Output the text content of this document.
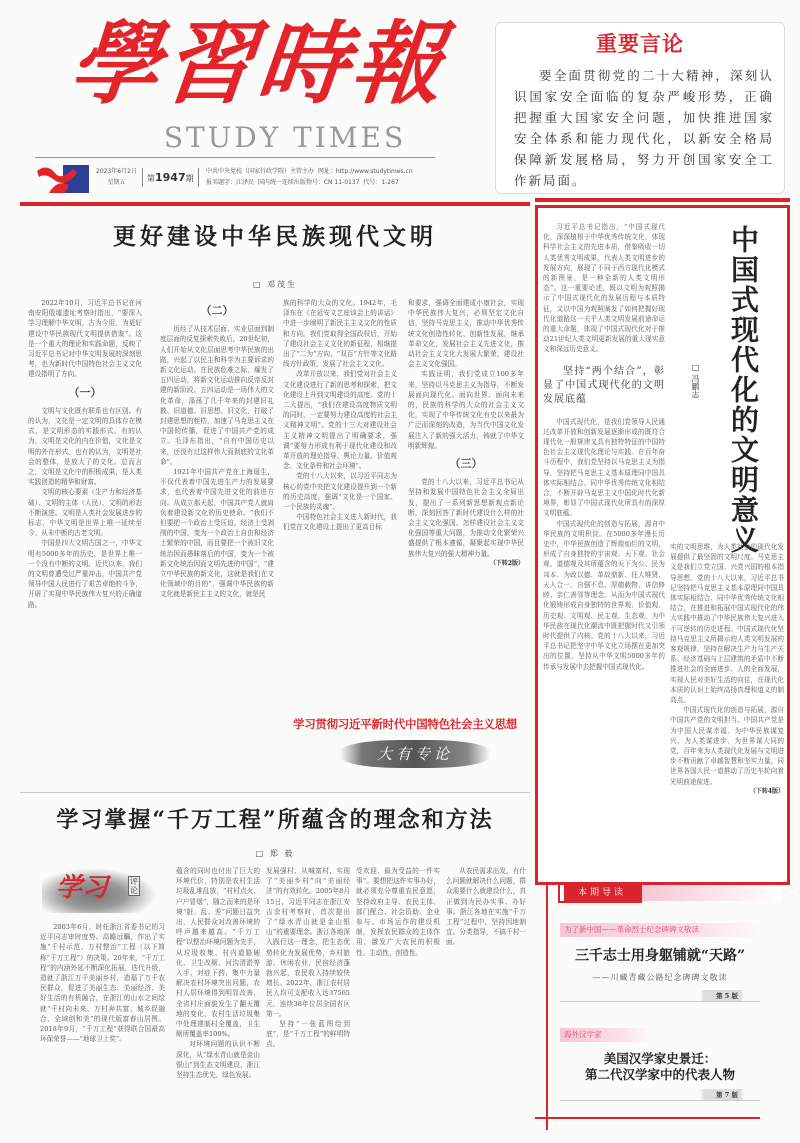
學習時報
STUDY TIMES
2023年6月2日
星期五	第1947期
中共中央党校（国家行政学院）主管主办 网址：http://www.studytimes.cn
报名题字：江泽民 国内统一连续出版物号：CN 11-0137 代号：1-267
重要言论
要全面贯彻党的二十大精神，深刻认识国家安全面临的复杂严峻形势，正确把握重大国家安全问题，加快推进国家安全体系和能力现代化，以新安全格局保障新发展格局，努力开创国家安全工作新局面。
更好建设中华民族现代文明
□ 邓茂生

2022年10月，习近平总书记在河南安阳殷墟遗址考察时指出，“要深入学习理解中华文明，古为今用，为更好建设中华民族现代文明提供借鉴”。这是一个重大的理论和实践命题，反映了习近平总书记对中华文明发展的深刻思考，也为新时代中国特色社会主义文化建设指明了方向。

（一）

文明与文化既有联系也有区别。有的认为，文化是一定文明的具体存在模式，是文明形态的实践形式。有的认为，文明是文化的内在价值，文化是文明的外在形式。也有的认为，文明是社会的整体，是放大了的文化。总而言之，文明是文化中的积极成果，是人类实践创造的精华和财富。

文明的核心要素（生产力和经济基础）、文明的主体（人民）、文明的形态不断演进。文明是人类社会发展进步的标志，中华文明是世界上唯一延续至今、从未中断的古老文明。

中国是四大文明古国之一，中华文明有5000多年的历史，是世界上唯一一个没有中断的文明。近代以来，我们的文明曾遭受过严重冲击，中国共产党领导中国人民进行了艰苦卓绝的斗争，开辟了实现中华民族伟大复兴的正确道路。

（二）

历经了从技术层面、实业层面到制度层面的反复探索失败后，20世纪初，人们开始从文化层面思考中华民族的出路，兴起了以民主和科学为主要诉求的新文化运动。在民族危难之际，爆发了五四运动，将新文化运动推向反帝反封建的新阶段。五四运动是一场伟大的文化革命，涤荡了几千年来的封建旧礼教、旧道德、旧思想、旧文化，打破了封建思想的桎梏，加速了马克思主义在中国的传播，促进了中国共产党的成立。毛泽东指出，“自有中国历史以来，还没有过这样伟大而彻底的文化革命”。

1921年中国共产党在上海诞生，不仅代表着中国先进生产力的发展要求，也代表着中国先进文化的前进方向。从成立那天起，中国共产党人就肩负着建设新文化的历史使命。“我们不但要把一个政治上受压迫、经济上受剥削的中国，变为一个政治上自由和经济上繁荣的中国，而且要把一个被旧文化统治因而愚昧落后的中国，变为一个被新文化统治因而文明先进的中国”，“建立中华民族的新文化，这就是我们在文化领域中的目的”，强调中华民族的新文化就是新民主主义的文化，就是民

族的科学的大众的文化。1942年，毛泽东在《在延安文艺座谈会上的讲话》中进一步阐明了新民主主义文化的性质和方向。我们党取得全国政权后，开始了建设社会主义文化的新征程，相继提出了“二为”方向、“双百”方针等文化路线方针政策，发展了社会主义文化。

改革开放以来，我们党对社会主义文化建设进行了新的思考和探索，把文化建设上升到文明建设的高度。党的十二大提出，“我们在建设高度物质文明的同时，一定要努力建设高度的社会主义精神文明”。党的十三大对建设社会主义精神文明提出了明确要求，强调“要努力形成有利于现代化建设和改革开放的理论指导、舆论力量、价值观念、文化条件和社会环境”。

党的十八大以来，以习近平同志为核心的党中央把文化建设提升到一个新的历史高度，强调“文化是一个国家、一个民族的灵魂”。

中国特色社会主义进入新时代，我们党在文化建设上提出了更高目标

和要求，强调全面建成小康社会，实现中华民族伟大复兴，必须坚定文化自信，坚持马克思主义，推动中华优秀传统文化创造性转化、创新性发展，继承革命文化，发展社会主义先进文化，推动社会主义文化大发展大繁荣，建设社会主义文化强国。

实践证明，我们党成立100多年来，坚持以马克思主义为指导，不断发展面向现代化、面向世界、面向未来的，民族的科学的大众的社会主义文化，实现了中华传统文化有史以来最为广泛而深刻的改造，为当代中国文化发展注入了新的强大活力，铸就了中华文明新辉煌。

（三）

党的十八大以来，习近平总书记从坚持和发展中国特色社会主义全局出发，提出了一系列新思想新观点新论断，深刻回答了新时代建设什么样的社会主义文化强国、怎样建设社会主义文化强国等重大问题，为推动文化繁荣兴盛提供了根本遵循，凝聚起实现中华民族伟大复兴的强大精神力量。

（下转2版）
学习贯彻习近平新时代中国特色社会主义思想
大有专论
学习掌握“千万工程”所蕴含的理念和方法
□ 郑 毅
学习	评论

2003年6月，时任浙江省委书记的习近平同志审时度势、高瞻远瞩，作出了实施“千村示范、万村整治”工程（以下简称“千万工程”）的决策。20年来，“千万工程”的内涵外延不断深化拓展，迭代升级，造就了浙江万千美丽乡村，造福了万千农民群众，促进了美丽生态、美丽经济、美好生活的有机融合，在浙江的山水之间绘就“千村向未来、万村奔共富、城乡促融合、全域创和美”的现代版富春山居图。2018年9月，“千万工程”获得联合国最高环保荣誉——“地球卫士奖”。

蕴含的同时也付出了巨大的环境代价，特别是农村生活垃圾乱堆乱放，“村村点火、户户冒烟”，随之而来的是环境“脏、乱、差”问题日益突出，人民群众对改善环境的呼声越来越高。“千万工程”以整治环境问题为先手，从垃圾收集、村内道路硬化、卫生改厕、河沟清淤等入手，对症下药，集中力量解决农村环境突出问题，农村人居环境得到明显改善，全省村庄面貌发生了翻天覆地的变化，农村生活垃圾集中处理建制村全覆盖，卫生厕所覆盖率100%。

对环境问题的认识不断深化，从“绿水青山就是金山银山”到生态文明建设，浙江坚持生态优先、绿色发展。

发展强村、从喊富村，实现了“美丽乡村”向“美丽经济”的有效转化。2005年8月15日，习近平同志在浙江安吉余村考察时，首次提出了“绿水青山就是金山银山”的重要理念。浙江各地深入践行这一理念，把生态优势转化为发展优势，乡村旅游、休闲农业、民宿经济蓬勃兴起，农民收入持续较快增长。2022年，浙江农村居民人均可支配收入达37565元，连续38年位居全国省区第一。

坚持“一张蓝图绘到底”，是“千万工程”的鲜明特点。

受欢迎、最为受益的一件实事”。要想把这件实事办好，就必须充分尊重农民意愿，坚持政府主导、农民主体、部门配合、社会资助、企业参与、市场运作的建设机制，发挥农民群众的主体作用，激发广大农民的积极性、主动性、创造性。

从农民需求出发，有什么问题就解决什么问题，群众需要什么就建设什么，真正做到为民办实事、办好事。浙江各地在实施“千万工程”过程中，坚持因地制宜、分类指导，不搞千村一面。

中国式现代化的文明意义
□ 冯鹏志

习近平总书记指出，“中国式现代化，深深植根于中华优秀传统文化，体现科学社会主义的先进本质，借鉴吸收一切人类优秀文明成果，代表人类文明进步的发展方向，展现了不同于西方现代化模式的新图景，是一种全新的人类文明形态”。这一重要论述，既以文明为观照揭示了中国式现代化的发展历程与本质特征，又以中国为观照阐发了如何把握好现代化道路这一关乎人类文明发展前途命运的重大命题，体现了中国式现代化对于推动21世纪人类文明更新发展的重大现实意义和深远历史意义。

坚持“两个结合”，彰显了中国式现代化的文明发展底蕴

中国式现代化，是我们党领导人民通过改革开放和创新发展逐渐形成的既符合现代化一般规律又具有独特特征的中国特色社会主义现代化理论与实践。在百年奋斗历程中，我们党坚持以马克思主义为指导，坚持把马克思主义基本原理同中国具体实际相结合、同中华优秀传统文化相结合，不断开辟马克思主义中国化时代化新境界，彰显了中国式现代化所具有的深厚文明底蕴。

中国式现代化的创造与拓展，源自中华民族的文明积淀。在5000多年漫长历史中，中华民族创造了辉煌灿烂的文明，形成了自身独特的宇宙观、天下观、社会观、道德观及其所蕴含的天下为公、民为邦本、为政以德、革故鼎新、任人唯贤、天人合一、自强不息、厚德载物、讲信修睦、亲仁善邻等理念，从而为中国式现代化锻铸形成自身独特的世界观、价值观、历史观、文明观、民主观、生态观，为中华民族在现代化潮流中既把握时代又引领时代提供了内核。党的十八大以来，习近平总书记把坚守中华文化立场摆在更加突出的位置，坚持从中华文明5000多年的传承与发展中去把握中国式现代化。

实的文明思维，为人类社会的现代化发展提供了最坚固的文明尺度。马克思主义是我们立党立国、兴党兴国的根本指导思想。党的十八大以来，习近平总书记坚持把马克思主义基本原理同中国具体实际相结合、同中华优秀传统文化相结合，在推进和拓展中国式现代化的伟大实践中推动了中华民族伟大复兴进入不可逆转的历史进程。中国式现代化坚持马克思主义所揭示的人类文明发展的客观规律，坚持在解决生产力与生产关系、经济基础与上层建筑的矛盾中不断推进社会的全面进步、人的全面发展，实现人民对美好生活的向往，在现代化本质的认识上始终高扬真理和道义的制高点。

中国式现代化的创造与拓展，源自中国共产党的文明担当。中国共产党是为中国人民谋幸福、为中华民族谋复兴、为人类谋进步、为世界谋大同的党，百年来为人类现代化发展与文明进步不断贡献了卓越智慧和坚实力量，同世界各国人民一道推动了历史车轮向着光明前途前进。

（下转4版）
本期导读
为了新中国——革命烈士纪念碑碑文敬读
三千志士用身躯铺就“天路”
——川藏青藏公路纪念碑碑文敬读
第 5 版
海外汉学家
美国汉学家史景迁：
第二代汉学家中的代表人物
第 7 版
